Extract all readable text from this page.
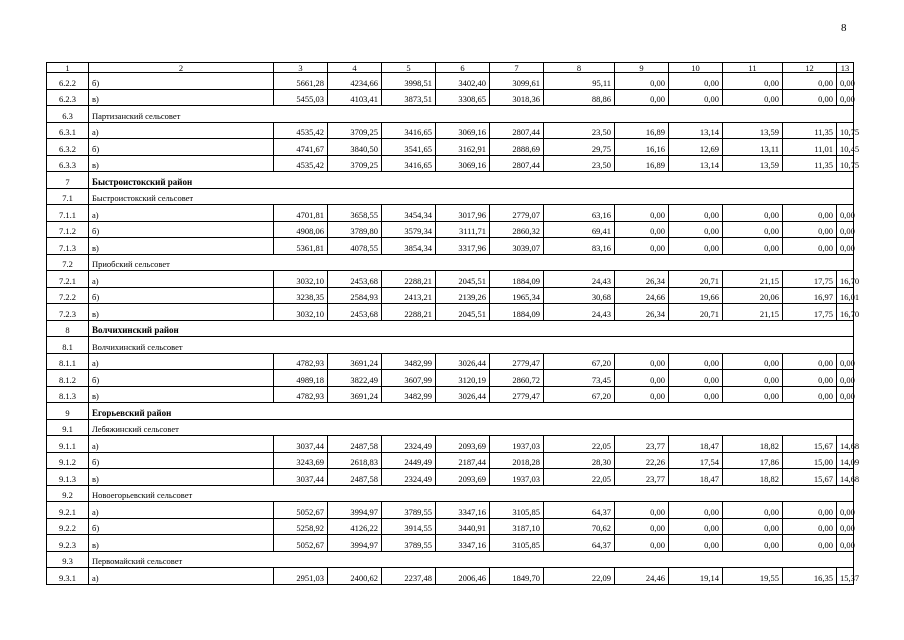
8
1	2	3	4	5	6	7	8	9	10	11	12	13
6.2.2	б)	5661,28	4234,66	3998,51	3402,40	3099,61	95,11	0,00	0,00	0,00	0,00	0,00
6.2.3	в)	5455,03	4103,41	3873,51	3308,65	3018,36	88,86	0,00	0,00	0,00	0,00	0,00
6.3	Партизанский сельсовет											
6.3.1	а)	4535,42	3709,25	3416,65	3069,16	2807,44	23,50	16,89	13,14	13,59	11,35	10,75
6.3.2	б)	4741,67	3840,50	3541,65	3162,91	2888,69	29,75	16,16	12,69	13,11	11,01	10,45
6.3.3	в)	4535,42	3709,25	3416,65	3069,16	2807,44	23,50	16,89	13,14	13,59	11,35	10,75
7	Быстроистокский район											
7.1	Быстроистокский сельсовет											
7.1.1	а)	4701,81	3658,55	3454,34	3017,96	2779,07	63,16	0,00	0,00	0,00	0,00	0,00
7.1.2	б)	4908,06	3789,80	3579,34	3111,71	2860,32	69,41	0,00	0,00	0,00	0,00	0,00
7.1.3	в)	5361,81	4078,55	3854,34	3317,96	3039,07	83,16	0,00	0,00	0,00	0,00	0,00
7.2	Приобский сельсовет											
7.2.1	а)	3032,10	2453,68	2288,21	2045,51	1884,09	24,43	26,34	20,71	21,15	17,75	16,70
7.2.2	б)	3238,35	2584,93	2413,21	2139,26	1965,34	30,68	24,66	19,66	20,06	16,97	16,01
7.2.3	в)	3032,10	2453,68	2288,21	2045,51	1884,09	24,43	26,34	20,71	21,15	17,75	16,70
8	Волчихинский район											
8.1	Волчихинский сельсовет											
8.1.1	а)	4782,93	3691,24	3482,99	3026,44	2779,47	67,20	0,00	0,00	0,00	0,00	0,00
8.1.2	б)	4989,18	3822,49	3607,99	3120,19	2860,72	73,45	0,00	0,00	0,00	0,00	0,00
8.1.3	в)	4782,93	3691,24	3482,99	3026,44	2779,47	67,20	0,00	0,00	0,00	0,00	0,00
9	Егорьевский район											
9.1	Лебяжинский сельсовет											
9.1.1	а)	3037,44	2487,58	2324,49	2093,69	1937,03	22,05	23,77	18,47	18,82	15,67	14,68
9.1.2	б)	3243,69	2618,83	2449,49	2187,44	2018,28	28,30	22,26	17,54	17,86	15,00	14,09
9.1.3	в)	3037,44	2487,58	2324,49	2093,69	1937,03	22,05	23,77	18,47	18,82	15,67	14,68
9.2	Новоегорьевский сельсовет											
9.2.1	а)	5052,67	3994,97	3789,55	3347,16	3105,85	64,37	0,00	0,00	0,00	0,00	0,00
9.2.2	б)	5258,92	4126,22	3914,55	3440,91	3187,10	70,62	0,00	0,00	0,00	0,00	0,00
9.2.3	в)	5052,67	3994,97	3789,55	3347,16	3105,85	64,37	0,00	0,00	0,00	0,00	0,00
9.3	Первомайский сельсовет											
9.3.1	а)	2951,03	2400,62	2237,48	2006,46	1849,70	22,09	24,46	19,14	19,55	16,35	15,37
